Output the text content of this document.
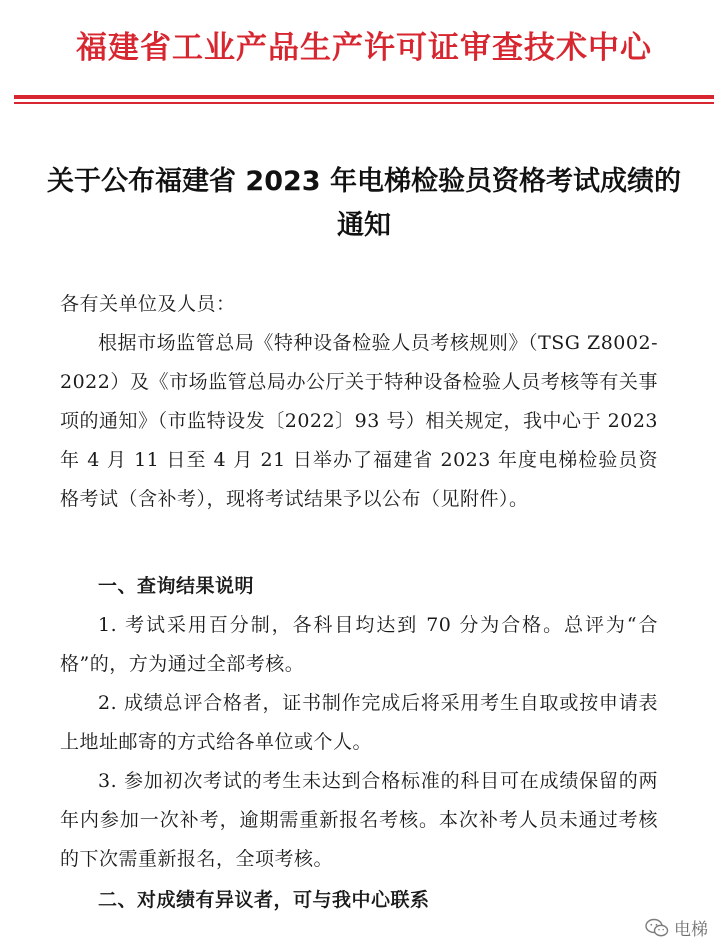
福建省工业产品生产许可证审查技术中心
关于公布福建省 2023 年电梯检验员资格考试成绩的通知
各有关单位及人员：
根据市场监管总局《特种设备检验人员考核规则》（TSG Z8002-2022）及《市场监管总局办公厅关于特种设备检验人员考核等有关事项的通知》（市监特设发〔2022〕93 号）相关规定，我中心于 2023 年 4 月 11 日至 4 月 21 日举办了福建省 2023 年度电梯检验员资格考试（含补考），现将考试结果予以公布（见附件）。
一、查询结果说明
1. 考试采用百分制，各科目均达到 70 分为合格。总评为“合格”的，方为通过全部考核。
2. 成绩总评合格者，证书制作完成后将采用考生自取或按申请表上地址邮寄的方式给各单位或个人。
3. 参加初次考试的考生未达到合格标准的科目可在成绩保留的两年内参加一次补考，逾期需重新报名考核。本次补考人员未通过考核的下次需重新报名，全项考核。
二、对成绩有异议者，可与我中心联系
电梯
